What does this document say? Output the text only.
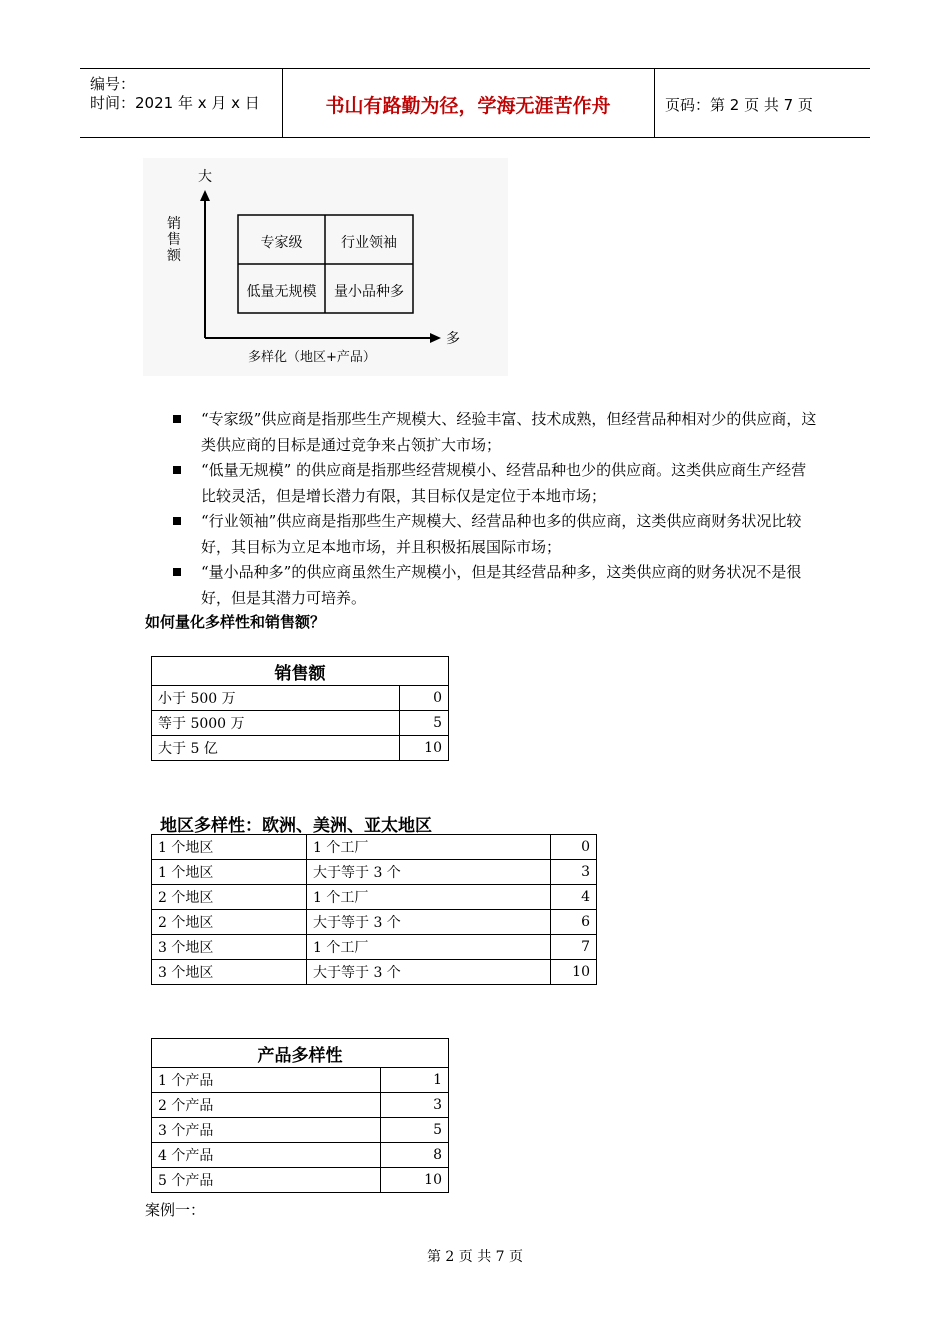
编号：
时间：2021 年 x 月 x 日	书山有路勤为径，学海无涯苦作舟	页码：第 2 页 共 7 页
大
销
售
额
多
多样化（地区+产品）
专家级	行业领袖
低量无规模	量小品种多
“专家级”供应商是指那些生产规模大、经验丰富、技术成熟，但经营品种相对少的供应商，这类供应商的目标是通过竞争来占领扩大市场；
“低量无规模” 的供应商是指那些经营规模小、经营品种也少的供应商。这类供应商生产经营比较灵活，但是增长潜力有限，其目标仅是定位于本地市场；
“行业领袖”供应商是指那些生产规模大、经营品种也多的供应商，这类供应商财务状况比较好，其目标为立足本地市场，并且积极拓展国际市场；
“量小品种多”的供应商虽然生产规模小，但是其经营品种多，这类供应商的财务状况不是很好，但是其潜力可培养。
如何量化多样性和销售额？
销售额	
小于 500 万	0
等于 5000 万	5
大于 5 亿	10
地区多样性：欧洲、美洲、亚太地区
1 个地区	1 个工厂	0
1 个地区	大于等于 3 个	3
2 个地区	1 个工厂	4
2 个地区	大于等于 3 个	6
3 个地区	1 个工厂	7
3 个地区	大于等于 3 个	10
产品多样性	
1 个产品	1
2 个产品	3
3 个产品	5
4 个产品	8
5 个产品	10
案例一：
第 2 页 共 7 页
